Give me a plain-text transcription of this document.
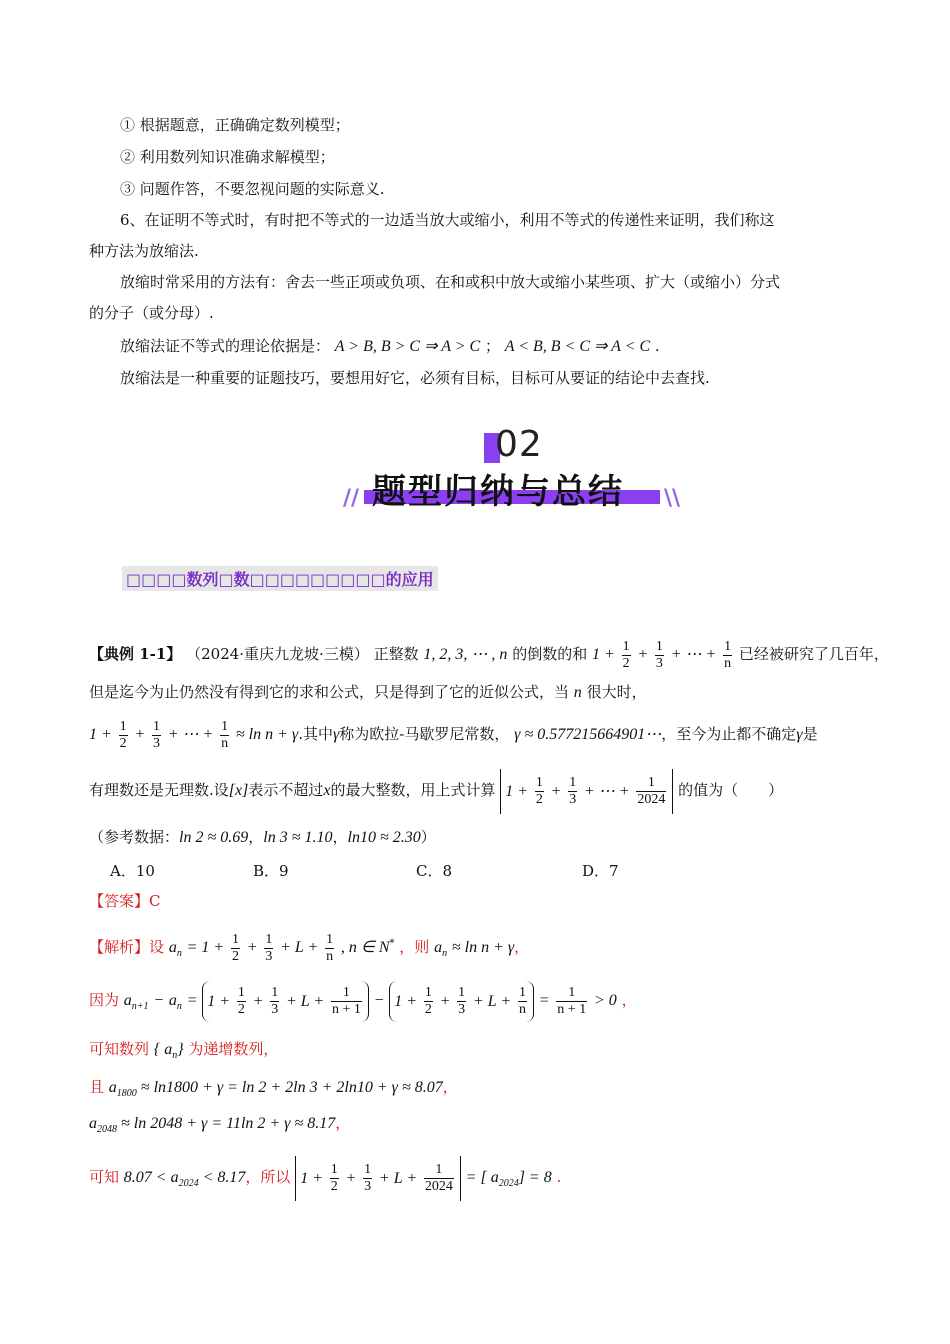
① 根据题意，正确确定数列模型；
② 利用数列知识准确求解模型；
③ 问题作答，不要忽视问题的实际意义.
6、在证明不等式时，有时把不等式的一边适当放大或缩小，利用不等式的传递性来证明，我们称这
种方法为放缩法.
放缩时常采用的方法有：舍去一些正项或负项、在和或积中放大或缩小某些项、扩大（或缩小）分式
的分子（或分母）.
放缩法证不等式的理论依据是： A > B, B > C ⇒ A > C ； A < B, B < C ⇒ A < C .
放缩法是一种重要的证题技巧，要想用好它，必须有目标，目标可从要证的结论中去查找.
02
题型归纳与总结
//	\\
□□□□数列□数□□□□□□□□□的应用
【典例 1-1】 （2024·重庆九龙坡·三模） 正整数 1, 2, 3, ⋯ , n 的倒数的和 $1 + \frac{1}{2} + \frac{1}{3}$ + ⋯ + $\frac{1}{n}$ 已经被研究了几百年，
但是迄今为止仍然没有得到它的求和公式，只是得到了它的近似公式，当 n 很大时，
$1 + \frac{1}{2} + \frac{1}{3}$ + ⋯ + $\frac{1}{n} \approx \ln n + \gamma$.其中γ称为欧拉-马歇罗尼常数， γ ≈ 0.577215664901⋯，至今为止都不确定γ是
有理数还是无理数.设[x]表示不超过x的最大整数，用上式计算 $1 + \frac{1}{2} + \frac{1}{3}$ + ⋯ + $\frac{1}{2024}$ 的值为（　　）
（参考数据：ln 2 ≈ 0.69，ln 3 ≈ 1.10，ln10 ≈ 2.30）
A．10	B．9	C．8	D．7
【答案】C
【解析】设 $a_n = 1 + \frac{1}{2} + \frac{1}{3} + L + \frac{1}{n}$ , n ∈ N* ，则 $a_n \approx \ln n + \gamma$，
因为 $a_{n+1} - a_n = 1 + \frac{1}{2} + \frac{1}{3} + L + \frac{1}{n + 1} - 1 + \frac{1}{2} + \frac{1}{3} + L + \frac{1}{n} = \frac{1}{n + 1} > 0$ ，
可知数列 { $a_n$} 为递增数列，
且 $a_{1800} \approx \ln 1800 + \gamma = \ln 2 + 2\ln$ 3 + 2ln10 + γ ≈ 8.07，
$a_{2048} \approx \ln 2048 + \gamma = 11\ln$ 2 + γ ≈ 8.17，
可知 $8.07 < a_{2024} < 8.17$，所以 $1 + \frac{1}{2} + \frac{1}{3} + L + \frac{1}{2024}$ = [ $a_{2024}] = 8$ .
